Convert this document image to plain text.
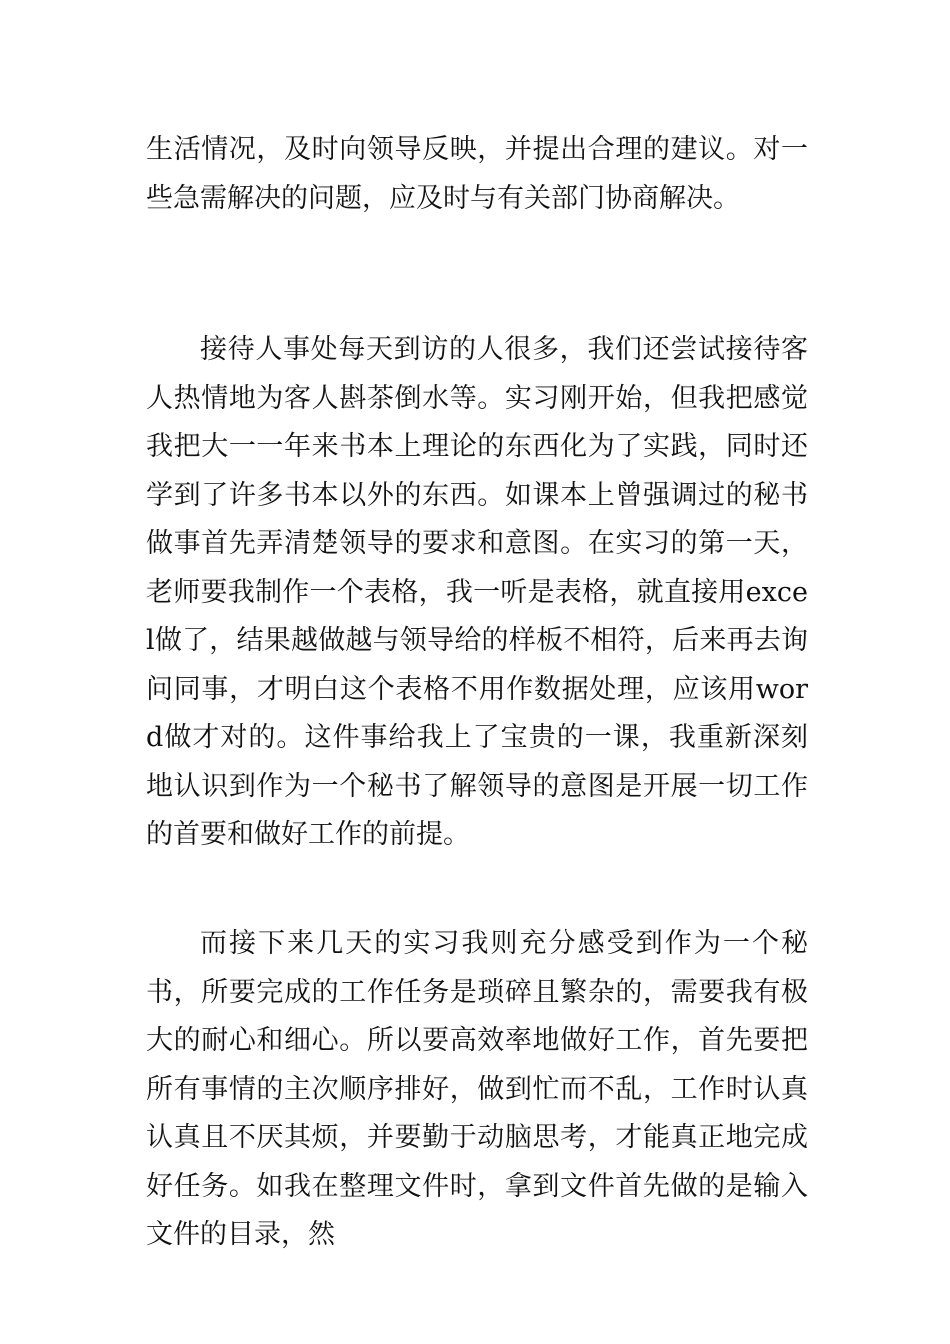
生活情况，及时向领导反映，并提出合理的建议。对一些急需解决的问题，应及时与有关部门协商解决。

接待人事处每天到访的人很多，我们还尝试接待客人热情地为客人斟茶倒水等。实习刚开始，但我把感觉我把大一一年来书本上理论的东西化为了实践，同时还学到了许多书本以外的东西。如课本上曾强调过的秘书做事首先弄清楚领导的要求和意图。在实习的第一天，老师要我制作一个表格，我一听是表格，就直接用excel做了，结果越做越与领导给的样板不相符，后来再去询问同事，才明白这个表格不用作数据处理，应该用word做才对的。这件事给我上了宝贵的一课，我重新深刻地认识到作为一个秘书了解领导的意图是开展一切工作的首要和做好工作的前提。

而接下来几天的实习我则充分感受到作为一个秘书，所要完成的工作任务是琐碎且繁杂的，需要我有极大的耐心和细心。所以要高效率地做好工作，首先要把所有事情的主次顺序排好，做到忙而不乱，工作时认真认真且不厌其烦，并要勤于动脑思考，才能真正地完成好任务。如我在整理文件时，拿到文件首先做的是输入文件的目录，然
